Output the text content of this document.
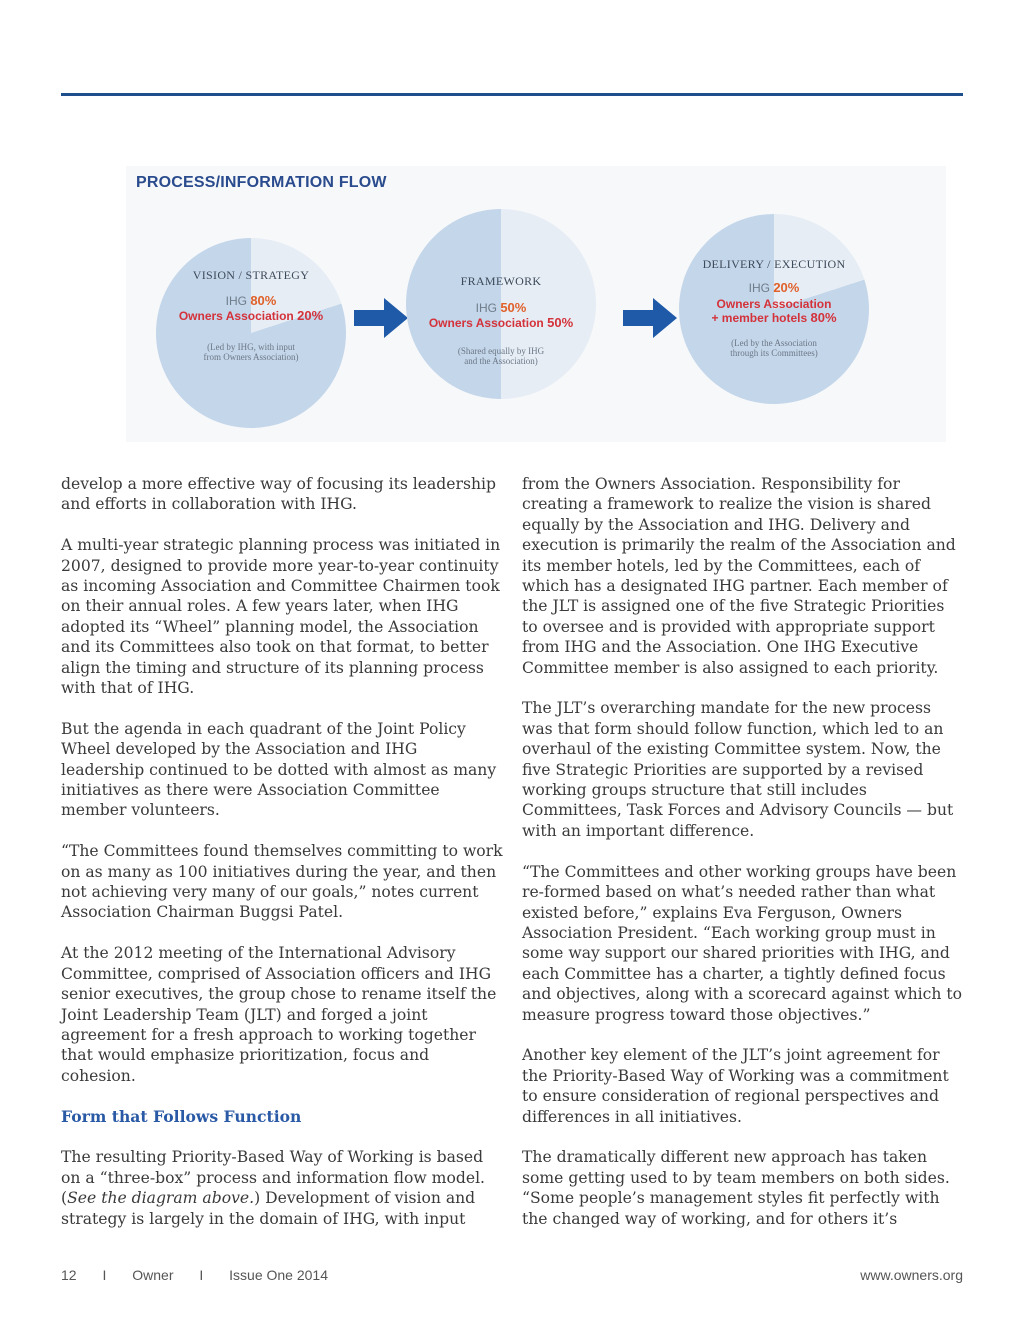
PROCESS/INFORMATION FLOW
VISION / STRATEGY
IHG 80%
Owners Association 20%
(Led by IHG, with input
from Owners Association)
FRAMEWORK
IHG 50%
Owners Association 50%
(Shared equally by IHG
and the Association)
DELIVERY / EXECUTION
IHG 20%
Owners Association
+ member hotels 80%
(Led by the Association
through its Committees)

develop a more effective way of focusing its leadership and efforts in collaboration with IHG.

A multi-year strategic planning process was initiated in 2007, designed to provide more year-to-year continuity as incoming Association and Committee Chairmen took on their annual roles. A few years later, when IHG adopted its “Wheel” planning model, the Association and its Committees also took on that format, to better align the timing and structure of its planning process with that of IHG.

But the agenda in each quadrant of the Joint Policy Wheel developed by the Association and IHG leadership continued to be dotted with almost as many initiatives as there were Association Committee member volunteers.

“The Committees found themselves committing to work on as many as 100 initiatives during the year, and then not achieving very many of our goals,” notes current Association Chairman Buggsi Patel.

At the 2012 meeting of the International Advisory Committee, comprised of Association officers and IHG senior executives, the group chose to rename itself the Joint Leadership Team (JLT) and forged a joint agreement for a fresh approach to working together that would emphasize prioritization, focus and cohesion.

Form that Follows Function

The resulting Priority-Based Way of Working is based on a “three-box” process and information flow model. (See the diagram above.) Development of vision and strategy is largely in the domain of IHG, with input

from the Owners Association. Responsibility for creating a framework to realize the vision is shared equally by the Association and IHG. Delivery and execution is primarily the realm of the Association and its member hotels, led by the Committees, each of which has a designated IHG partner. Each member of the JLT is assigned one of the five Strategic Priorities to oversee and is provided with appropriate support from IHG and the Association. One IHG Executive Committee member is also assigned to each priority.

The JLT’s overarching mandate for the new process was that form should follow function, which led to an overhaul of the existing Committee system. Now, the five Strategic Priorities are supported by a revised working groups structure that still includes Committees, Task Forces and Advisory Councils — but with an important difference.

“The Committees and other working groups have been re-formed based on what’s needed rather than what existed before,” explains Eva Ferguson, Owners Association President. “Each working group must in some way support our shared priorities with IHG, and each Committee has a charter, a tightly defined focus and objectives, along with a scorecard against which to measure progress toward those objectives.”

Another key element of the JLT’s joint agreement for the Priority-Based Way of Working was a commitment to ensure consideration of regional perspectives and differences in all initiatives.

The dramatically different new approach has taken some getting used to by team members on both sides. “Some people’s management styles fit perfectly with the changed way of working, and for others it’s

12 I Owner I Issue One 2014	www.owners.org
